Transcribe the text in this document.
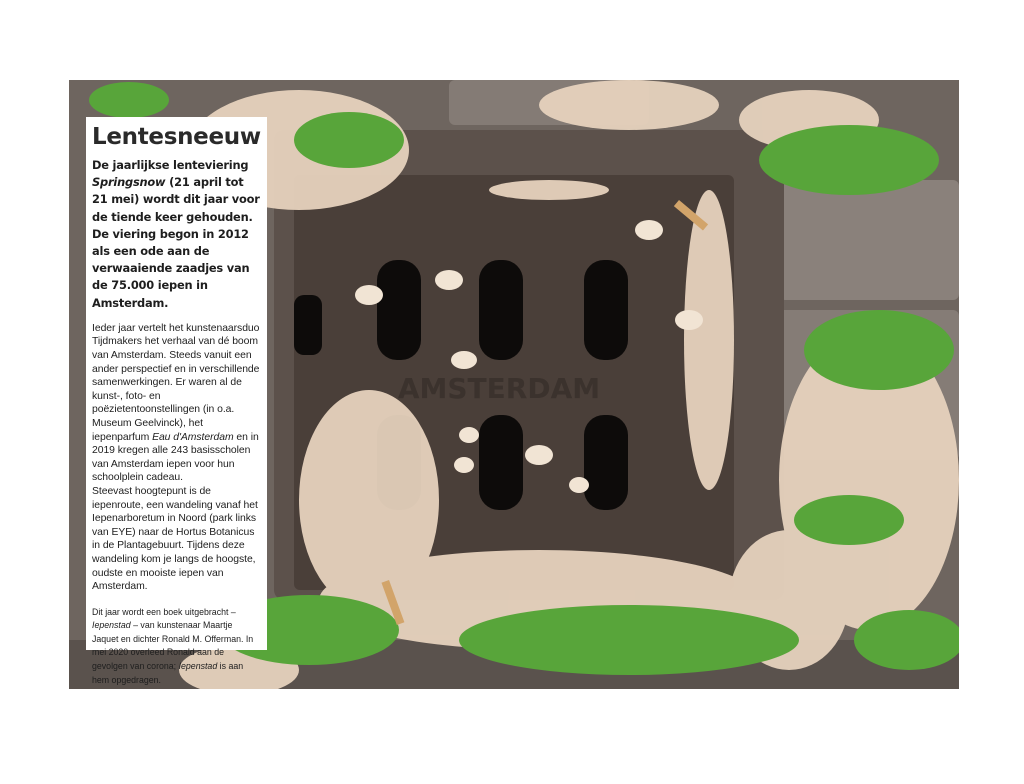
AMSTERDAM
Lentesneeuw

De jaarlijkse lenteviering Springsnow (21 april tot 21 mei) wordt dit jaar voor de tiende keer gehouden. De viering begon in 2012 als een ode aan de verwaaiende zaadjes van de 75.000 iepen in Amsterdam.

Ieder jaar vertelt het kunstenaarsduo Tijdmakers het verhaal van dé boom van Amsterdam. Steeds vanuit een ander perspectief en in verschillende samenwerkingen. Er waren al de kunst-, foto- en poëzietentoonstellingen (in o.a. Museum Geelvinck), het iepenparfum Eau d'Amsterdam en in 2019 kregen alle 243 basisscholen van Amsterdam iepen voor hun schoolplein cadeau.
Steevast hoogtepunt is de iepenroute, een wandeling vanaf het Iepenarboretum in Noord (park links van EYE) naar de Hortus Botanicus in de Plantagebuurt. Tijdens deze wandeling kom je langs de hoogste, oudste en mooiste iepen van Amsterdam.

Dit jaar wordt een boek uitgebracht – Iepenstad – van kunstenaar Maartje Jaquet en dichter Ronald M. Offerman. In mei 2020 overleed Ronald aan de gevolgen van corona; Iepenstad is aan hem opgedragen.
